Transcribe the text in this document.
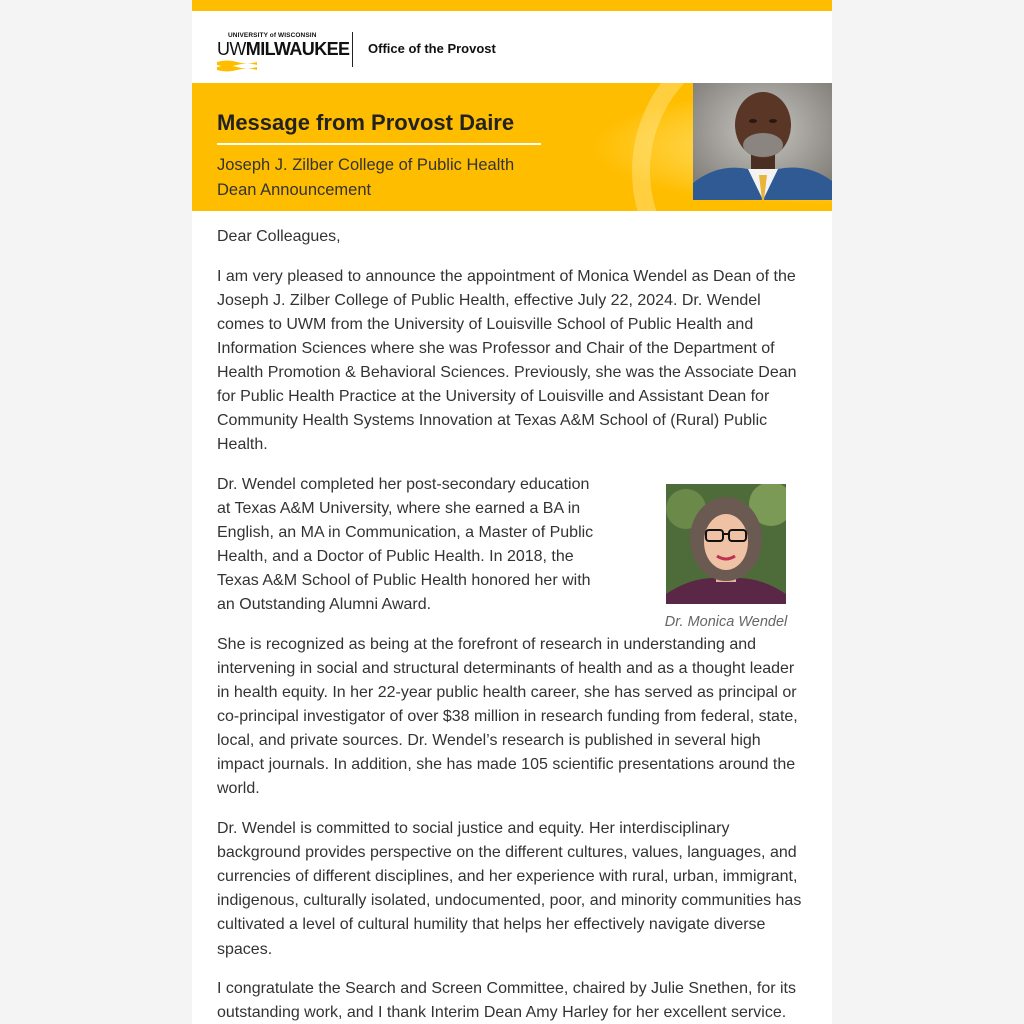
UNIVERSITY of WISCONSIN
UWMILWAUKEE Office of the Provost
Message from Provost Daire
Joseph J. Zilber College of Public Health
Dean Announcement

Dear Colleagues,

I am very pleased to announce the appointment of Monica Wendel as Dean of the Joseph J. Zilber College of Public Health, effective July 22, 2024. Dr. Wendel comes to UWM from the University of Louisville School of Public Health and Information Sciences where she was Professor and Chair of the Department of Health Promotion & Behavioral Sciences. Previously, she was the Associate Dean for Public Health Practice at the University of Louisville and Assistant Dean for Community Health Systems Innovation at Texas A&M School of (Rural) Public Health.

Dr. Wendel completed her post-secondary education at Texas A&M University, where she earned a BA in English, an MA in Communication, a Master of Public Health, and a Doctor of Public Health. In 2018, the Texas A&M School of Public Health honored her with an Outstanding Alumni Award.

She is recognized as being at the forefront of research in understanding and intervening in social and structural determinants of health and as a thought leader in health equity. In her 22-year public health career, she has served as principal or co-principal investigator of over $38 million in research funding from federal, state, local, and private sources. Dr. Wendel’s research is published in several high impact journals. In addition, she has made 105 scientific presentations around the world.

Dr. Wendel is committed to social justice and equity. Her interdisciplinary background provides perspective on the different cultures, values, languages, and currencies of different disciplines, and her experience with rural, urban, immigrant, indigenous, culturally isolated, undocumented, poor, and minority communities has cultivated a level of cultural humility that helps her effectively navigate diverse spaces.

I congratulate the Search and Screen Committee, chaired by Julie Snethen, for its outstanding work, and I thank Interim Dean Amy Harley for her excellent service.

Dr. Monica Wendel
